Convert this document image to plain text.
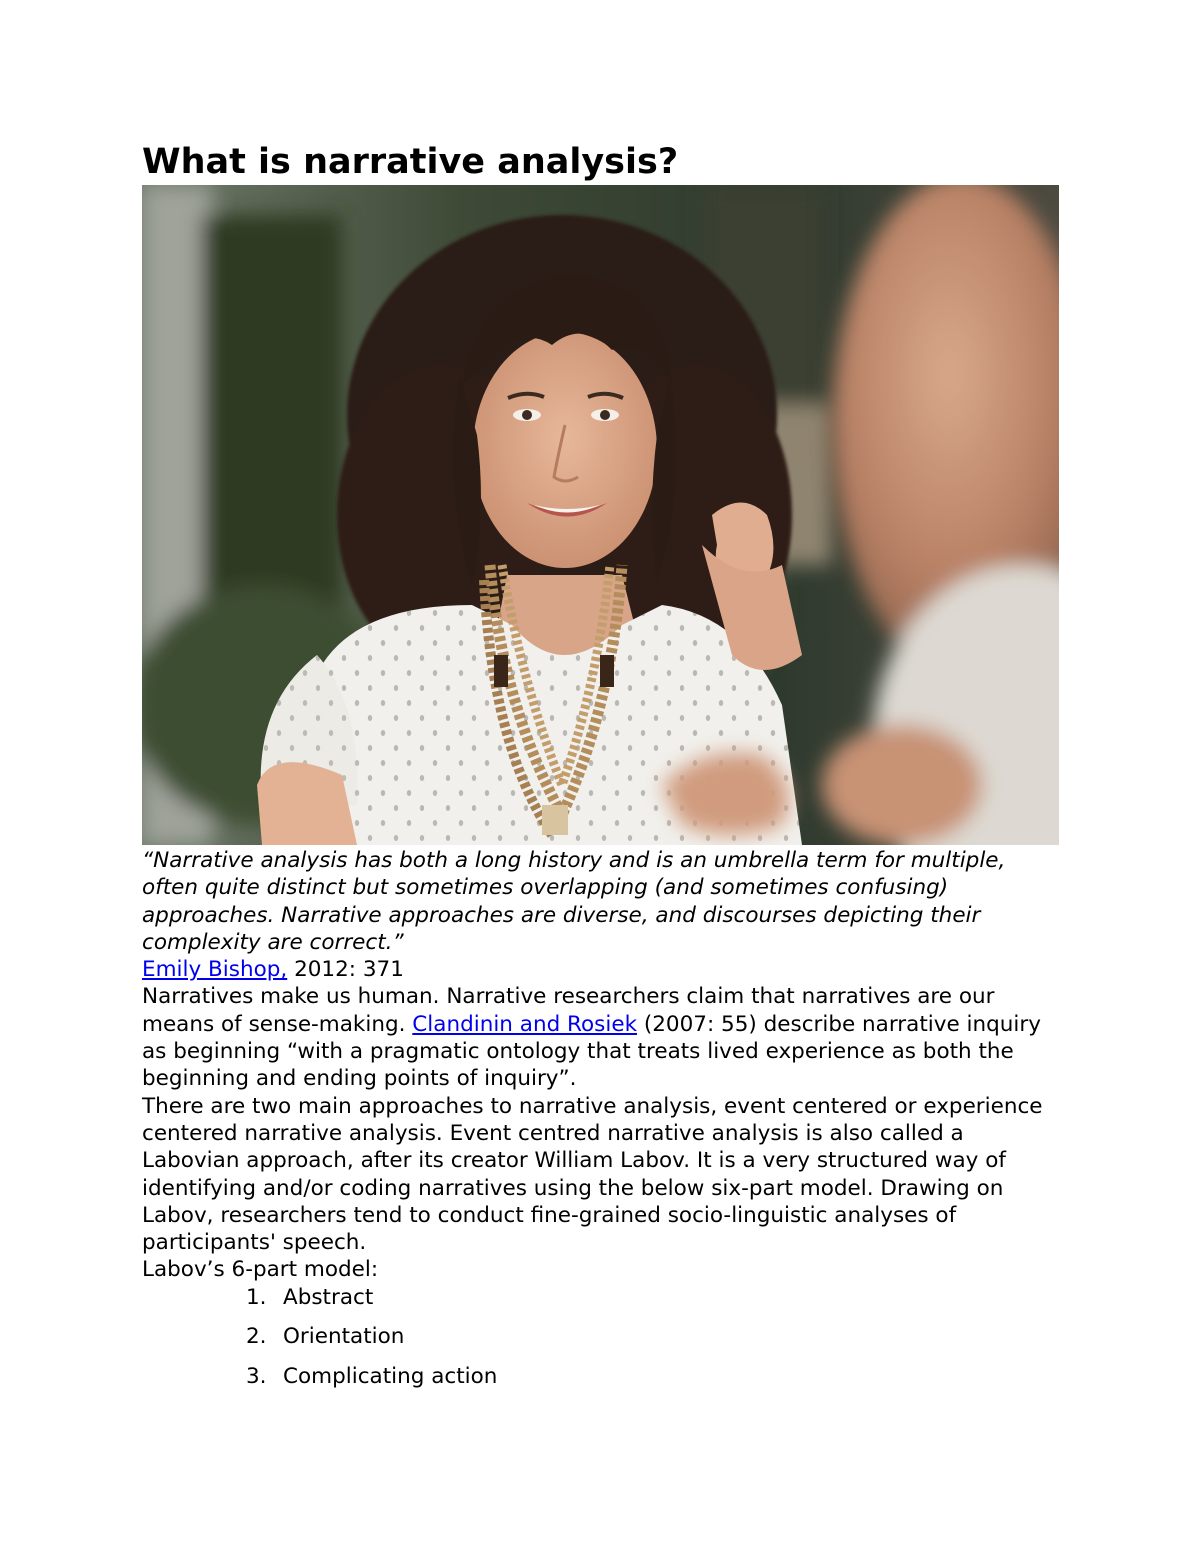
What is narrative analysis?

“Narrative analysis has both a long history and is an umbrella term for multiple, often quite distinct but sometimes overlapping (and sometimes confusing) approaches. Narrative approaches are diverse, and discourses depicting their complexity are correct.”

Emily Bishop, 2012: 371

Narratives make us human. Narrative researchers claim that narratives are our means of sense-making. Clandinin and Rosiek (2007: 55) describe narrative inquiry as beginning “with a pragmatic ontology that treats lived experience as both the beginning and ending points of inquiry”.

There are two main approaches to narrative analysis, event centered or experience centered narrative analysis. Event centred narrative analysis is also called a Labovian approach, after its creator William Labov. It is a very structured way of identifying and/or coding narratives using the below six-part model. Drawing on Labov, researchers tend to conduct fine-grained socio-linguistic analyses of participants' speech.

Labov’s 6-part model:

1. Abstract
2. Orientation
3. Complicating action
